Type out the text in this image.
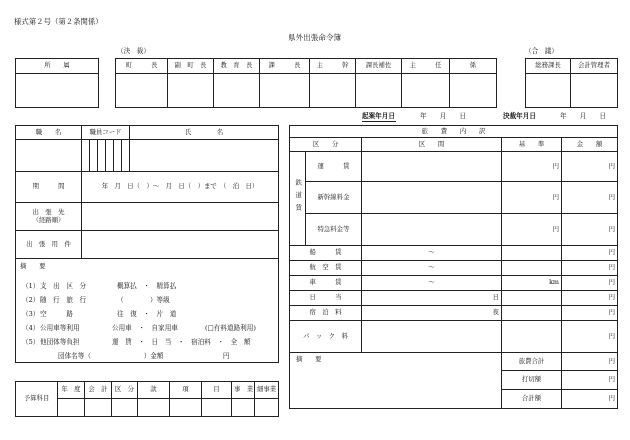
様式第２号（第２条関係）
県外出張命令簿
（決　裁）	（合　議）
所　　属	町　　　長	副　町　長	教　育　長	課　　　長	主　　　幹	課長補佐	主　　　任	係
								総務課長	会計管理者

起案年月日	年　　月　　日	決裁年月日	年　　月　　日
職　　名	職員コード						氏　　　　名

期　　　間	年　月　日（　）～　月　日（　）まで　（　泊　日）						

出　張　先
（経路順）							

出　張　用　件							

摘　　要							
（1） 支　出　区　分	概算払　・　精算払
（2） 随　行　旅　行	（　　　　）等級
（3） 空　　　路	往　復　・　片　道
（4） 公用車等利用	公用車　・　自家用車	(□有料道路利用)
（5） 他団体等負担	運　賃　・　日　当　・　宿泊料　・　全　額
団体名等（　　　　　　　　）金額　　　　　　　　　円
予算科目	年　度	会　計	区　分	款	項	目	事　業	細事業

旅　　費　　内　　訳				
区　　分		区　　間	基　　準	金　　額
鉄道賃	運　　　賃		円	円
	新幹線料金		円	円
	特急料金等		円	円
船　　　賃		～		円
航　空　賃		～		円
車　　　賃		～	km	円
日　　　当		日		円
宿　泊　料		夜		円
パ　ッ　ク　料				円
摘　　要			旅費合計	円
			打切額	円
			合計額	円
